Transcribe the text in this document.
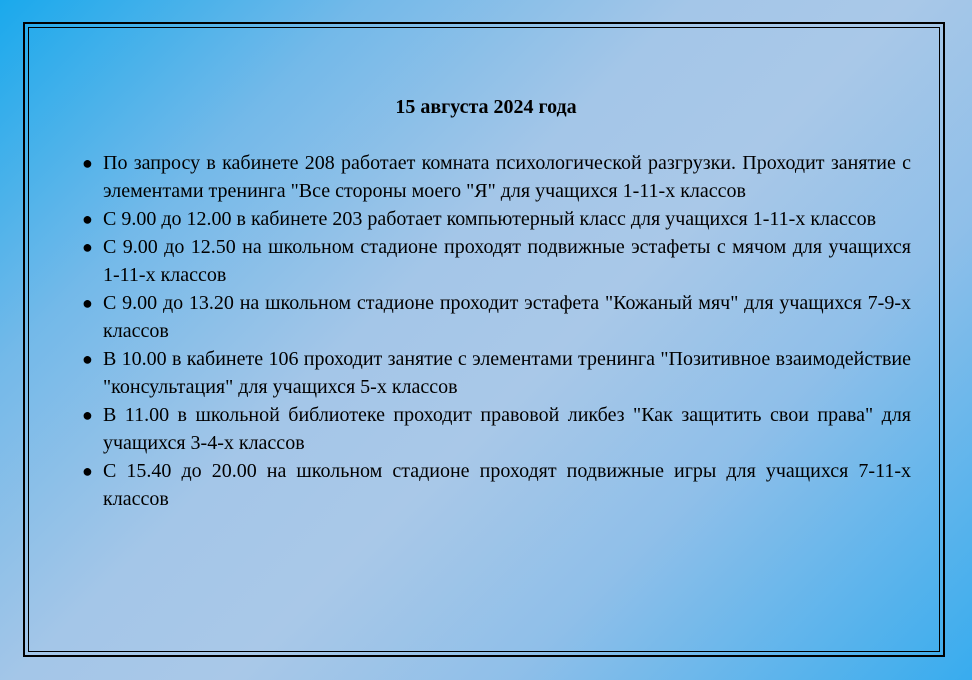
15 августа 2024 года
● По запросу в кабинете 208 работает комната психологической разгрузки. Проходит занятие с элементами тренинга "Все стороны моего "Я" для учащихся 1-11-х классов
● С 9.00 до 12.00 в кабинете 203 работает компьютерный класс для учащихся 1-11-х классов
● С 9.00 до 12.50 на школьном стадионе проходят подвижные эстафеты с мячом для учащихся 1-11-х классов
● С 9.00 до 13.20 на школьном стадионе проходит эстафета "Кожаный мяч" для учащихся 7-9-х классов
● В 10.00 в кабинете 106 проходит занятие с элементами тренинга "Позитивное взаимодействие "консультация" для учащихся 5-х классов
● В 11.00 в школьной библиотеке проходит правовой ликбез "Как защитить свои права" для учащихся 3-4-х классов
● С 15.40 до 20.00 на школьном стадионе проходят подвижные игры для учащихся 7-11-х классов
